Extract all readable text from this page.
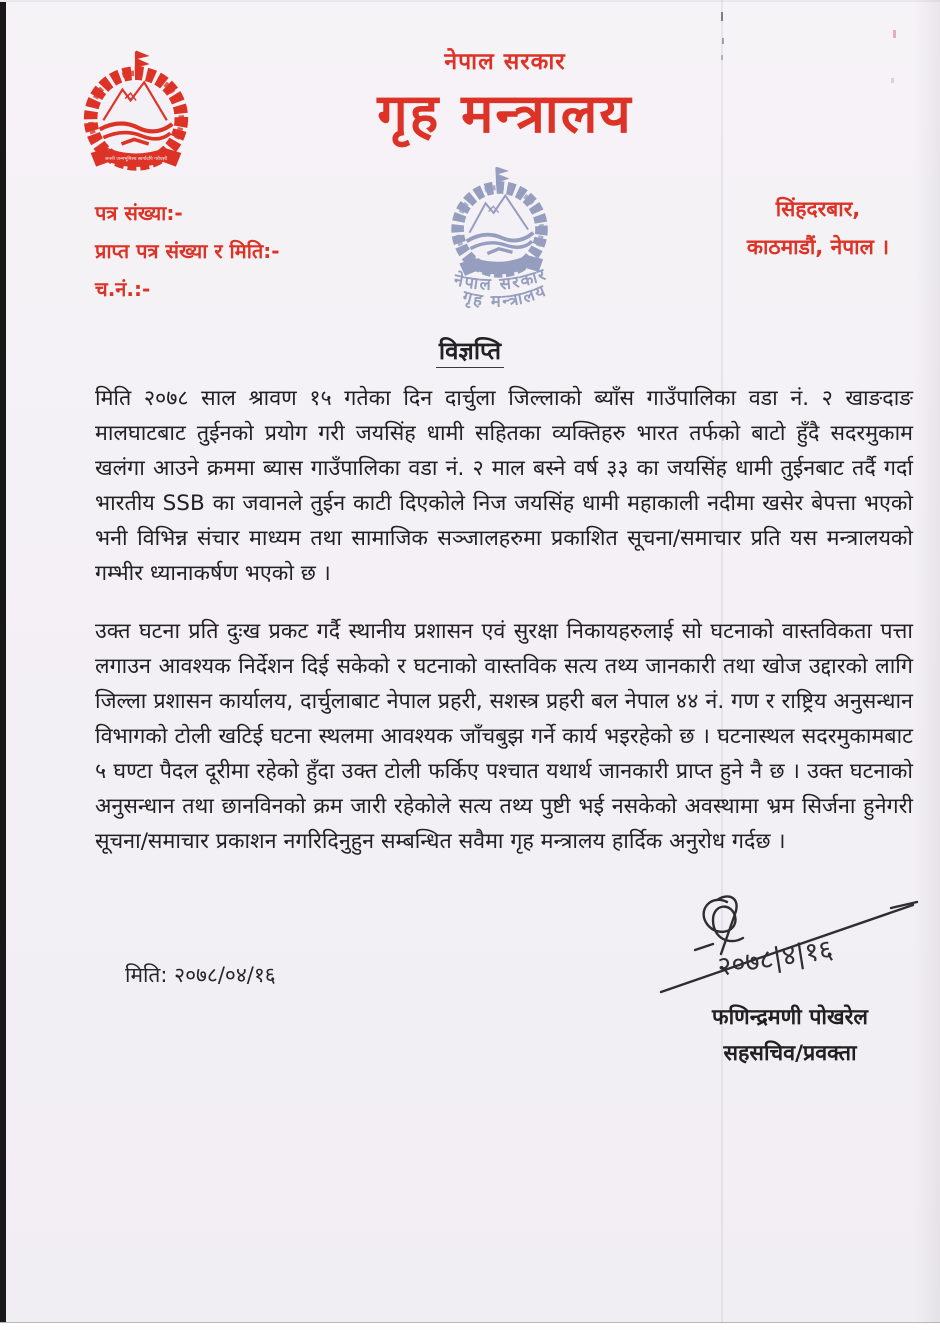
जननी जन्मभूमिश्च स्वर्गादपि गरीयसी
नेपाल सरकार
गृह मन्त्रालय
पत्र संख्या:-
प्राप्त पत्र संख्या र मिति:-
च.नं.:-	नेपाल सरकार
गृह मन्त्रालय
सिंहदरबार,
काठमाडौं, नेपाल ।
विज्ञप्ति

मिति २०७८ साल श्रावण १५ गतेका दिन दार्चुला जिल्लाको ब्याँस गाउँपालिका वडा नं. २ खाङदाङ मालघाटबाट तुईनको प्रयोग गरी जयसिंह धामी सहितका व्यक्तिहरु भारत तर्फको बाटो हुँदै सदरमुकाम खलंगा आउने क्रममा ब्यास गाउँपालिका वडा नं. २ माल बस्ने वर्ष ३३ का जयसिंह धामी तुईनबाट तर्दै गर्दा भारतीय SSB का जवानले तुईन काटी दिएकोले निज जयसिंह धामी महाकाली नदीमा खसेर बेपत्ता भएको भनी विभिन्न संचार माध्यम तथा सामाजिक सञ्जालहरुमा प्रकाशित सूचना/समाचार प्रति यस मन्त्रालयको गम्भीर ध्यानाकर्षण भएको छ ।

उक्त घटना प्रति दुःख प्रकट गर्दै स्थानीय प्रशासन एवं सुरक्षा निकायहरुलाई सो घटनाको वास्तविकता पत्ता लगाउन आवश्यक निर्देशन दिई सकेको र घटनाको वास्तविक सत्य तथ्य जानकारी तथा खोज उद्दारको लागि जिल्ला प्रशासन कार्यालय, दार्चुलाबाट नेपाल प्रहरी, सशस्त्र प्रहरी बल नेपाल ४४ नं. गण र राष्ट्रिय अनुसन्धान विभागको टोली खटिई घटना स्थलमा आवश्यक जाँचबुझ गर्ने कार्य भइरहेको छ । घटनास्थल सदरमुकामबाट ५ घण्टा पैदल दूरीमा रहेको हुँदा उक्त टोली फर्किए पश्चात यथार्थ जानकारी प्राप्त हुने नै छ । उक्त घटनाको अनुसन्धान तथा छानविनको क्रम जारी रहेकोले सत्य तथ्य पुष्टी भई नसकेको अवस्थामा भ्रम सिर्जना हुनेगरी सूचना/समाचार प्रकाशन नगरिदिनुहुन सम्बन्धित सवैमा गृह मन्त्रालय हार्दिक अनुरोध गर्दछ ।

मिति: २०७८/०४/१६	२०७८|४|१६
फणिन्द्रमणी पोखरेल
सहसचिव/प्रवक्ता
